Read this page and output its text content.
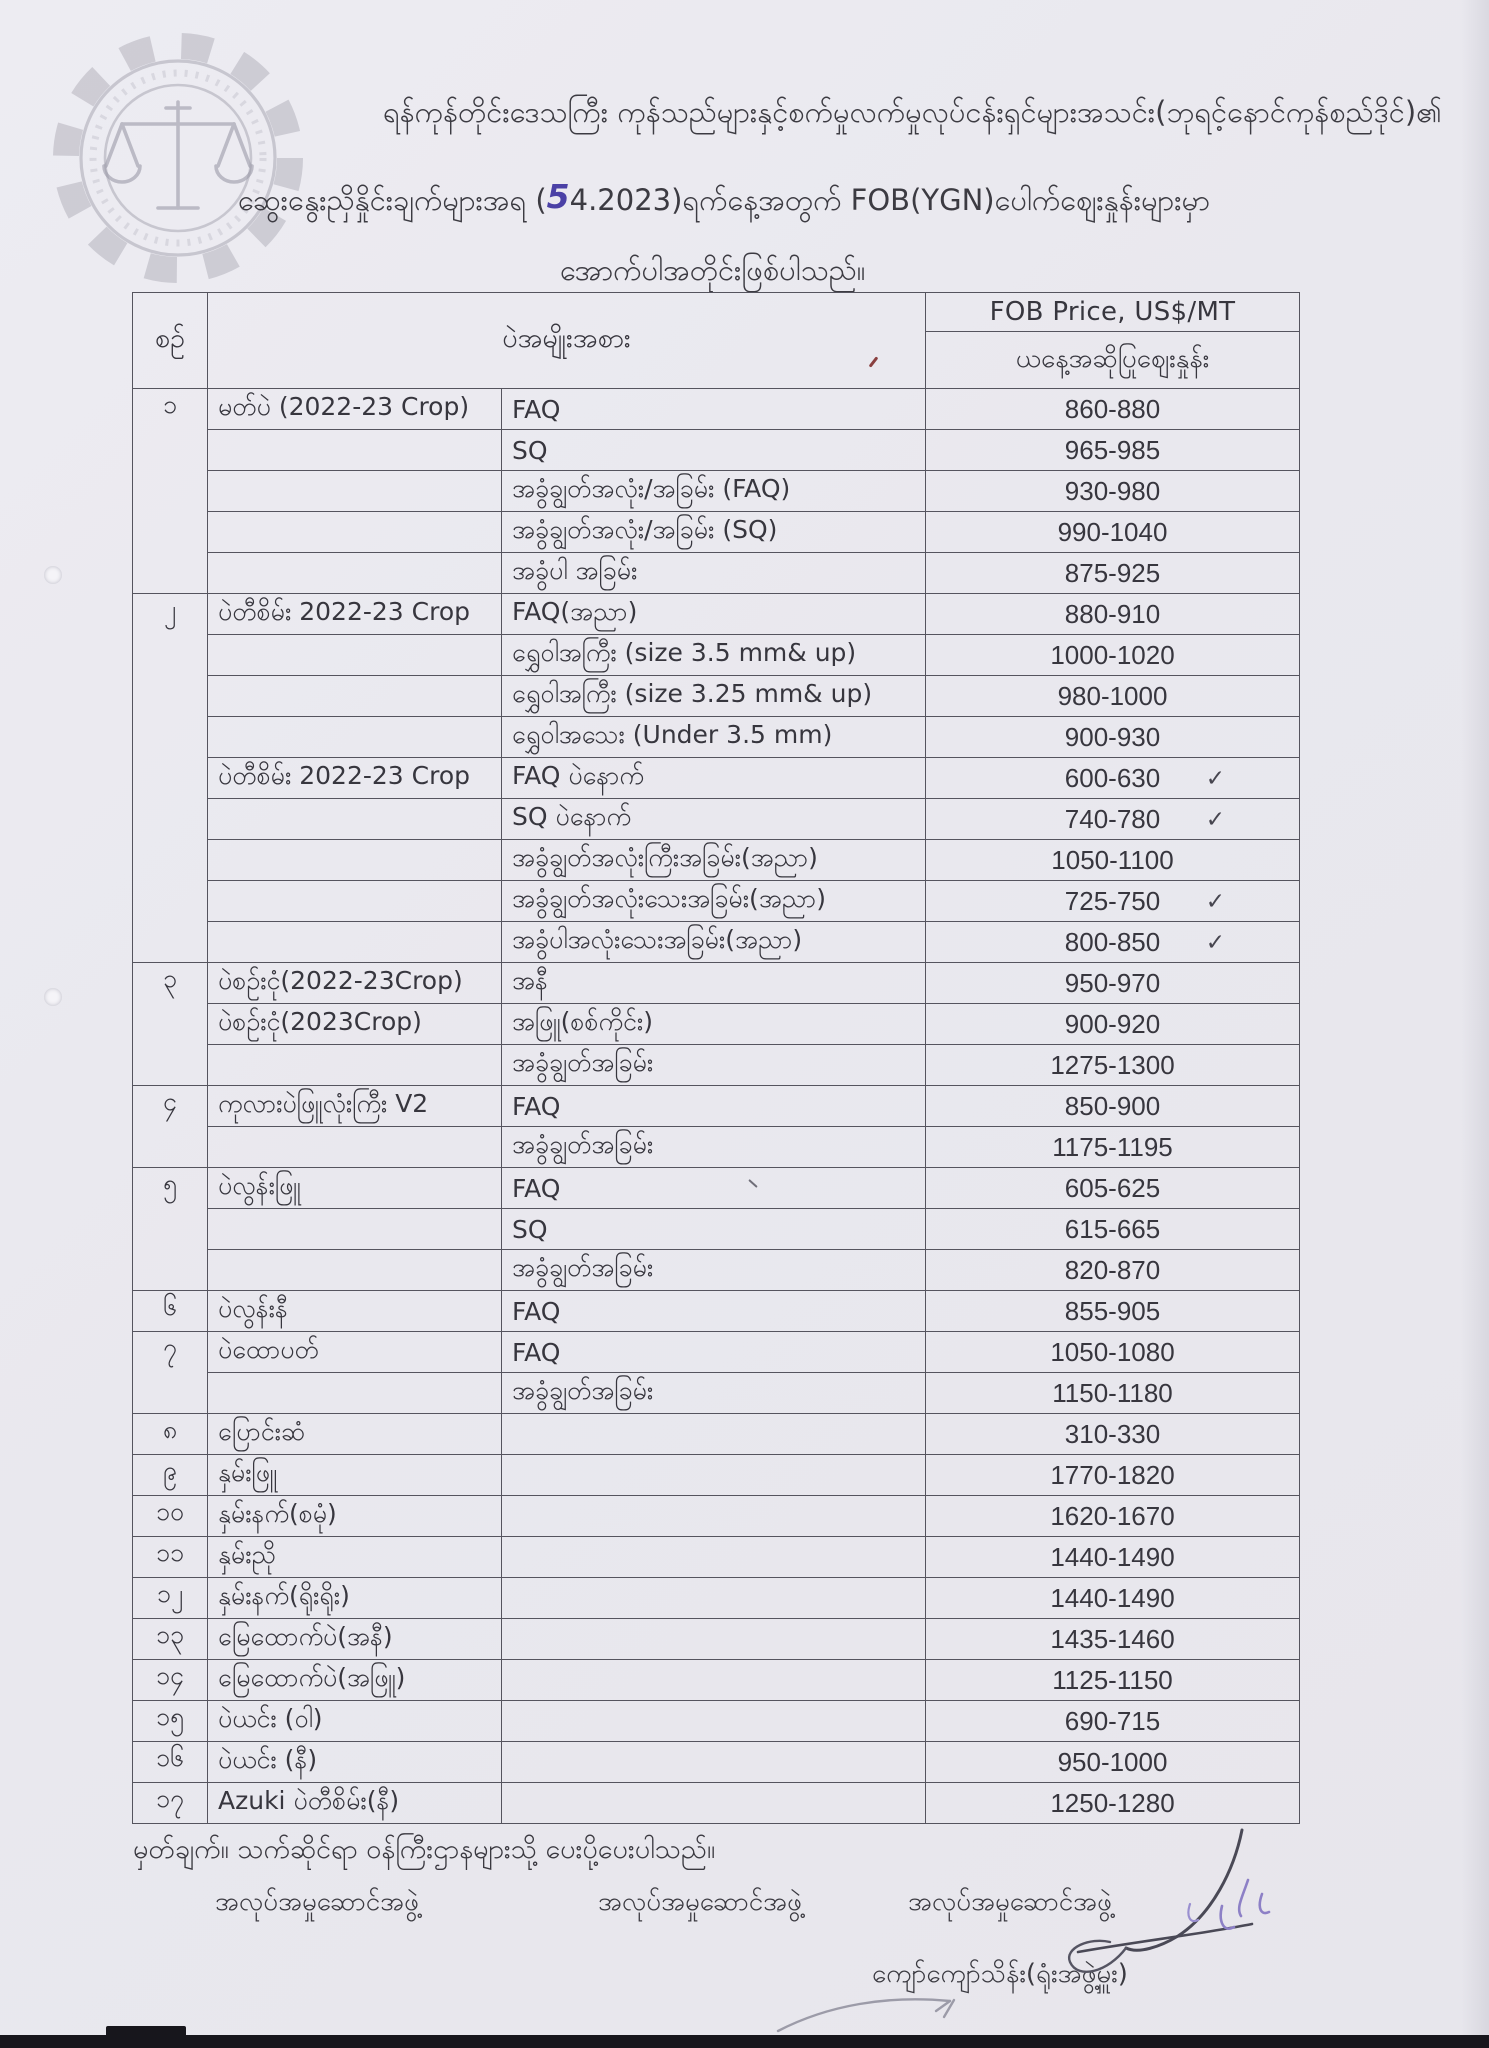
ရန်ကုန်တိုင်းဒေသကြီး ကုန်သည်များနှင့်စက်မှုလက်မှုလုပ်ငန်းရှင်များအသင်း(ဘုရင့်နောင်ကုန်စည်ဒိုင်)၏
ဆွေးနွေးညှိနှိုင်းချက်များအရ (54.2023)ရက်နေ့အတွက် FOB(YGN)ပေါက်ဈေးနှုန်းများမှာ
အောက်ပါအတိုင်းဖြစ်ပါသည်။
စဉ်	ပဲအမျိုးအစား		FOB Price, US$/MT
			ယနေ့အဆိုပြုဈေးနှုန်း
၁	မတ်ပဲ (2022-23 Crop)	FAQ	860-880
		SQ	965-985
		အခွံချွတ်အလုံး/အခြမ်း (FAQ)	930-980
		အခွံချွတ်အလုံး/အခြမ်း (SQ)	990-1040
		အခွံပါ အခြမ်း	875-925
၂	ပဲတီစိမ်း 2022-23 Crop	FAQ(အညာ)	880-910
		ရွှေဝါအကြီး (size 3.5 mm& up)	1000-1020
		ရွှေဝါအကြီး (size 3.25 mm& up)	980-1000
		ရွှေဝါအသေး (Under 3.5 mm)	900-930
	ပဲတီစိမ်း 2022-23 Crop	FAQ ပဲနောက်	600-630 ✓

		SQ ပဲနောက်	740-780 ✓

		အခွံချွတ်အလုံးကြီးအခြမ်း(အညာ)	1050-1100
		အခွံချွတ်အလုံးသေးအခြမ်း(အညာ)	725-750 ✓

		အခွံပါအလုံးသေးအခြမ်း(အညာ)	800-850 ✓

၃	ပဲစဉ်းငုံ(2022-23Crop)	အနီ	950-970
	ပဲစဉ်းငုံ(2023Crop)	အဖြူ(စစ်ကိုင်း)	900-920
		အခွံချွတ်အခြမ်း	1275-1300
၄	ကုလားပဲဖြူလုံးကြီး V2	FAQ	850-900
		အခွံချွတ်အခြမ်း	1175-1195
၅	ပဲလွန်းဖြူ	FAQ	605-625
		SQ	615-665
		အခွံချွတ်အခြမ်း	820-870
၆	ပဲလွန်းနီ	FAQ	855-905
၇	ပဲထောပတ်	FAQ	1050-1080
		အခွံချွတ်အခြမ်း	1150-1180
၈	ပြောင်းဆံ		310-330
၉	နှမ်းဖြူ		1770-1820
၁၀	နှမ်းနက်(စမုံ)		1620-1670
၁၁	နှမ်းညို		1440-1490
၁၂	နှမ်းနက်(ရိုးရိုး)		1440-1490
၁၃	မြေထောက်ပဲ(အနီ)		1435-1460
၁၄	မြေထောက်ပဲ(အဖြူ)		1125-1150
၁၅	ပဲယင်း (ဝါ)		690-715
၁၆	ပဲယင်း (နီ)		950-1000
၁၇	Azuki ပဲတီစိမ်း(နီ)		1250-1280
မှတ်ချက်။ သက်ဆိုင်ရာ ဝန်ကြီးဌာနများသို့ ပေးပို့ပေးပါသည်။
အလုပ်အမှုဆောင်အဖွဲ့	အလုပ်အမှုဆောင်အဖွဲ့	အလုပ်အမှုဆောင်အဖွဲ့
ကျော်ကျော်သိန်း(ရုံးအဖွဲ့မှူး)
